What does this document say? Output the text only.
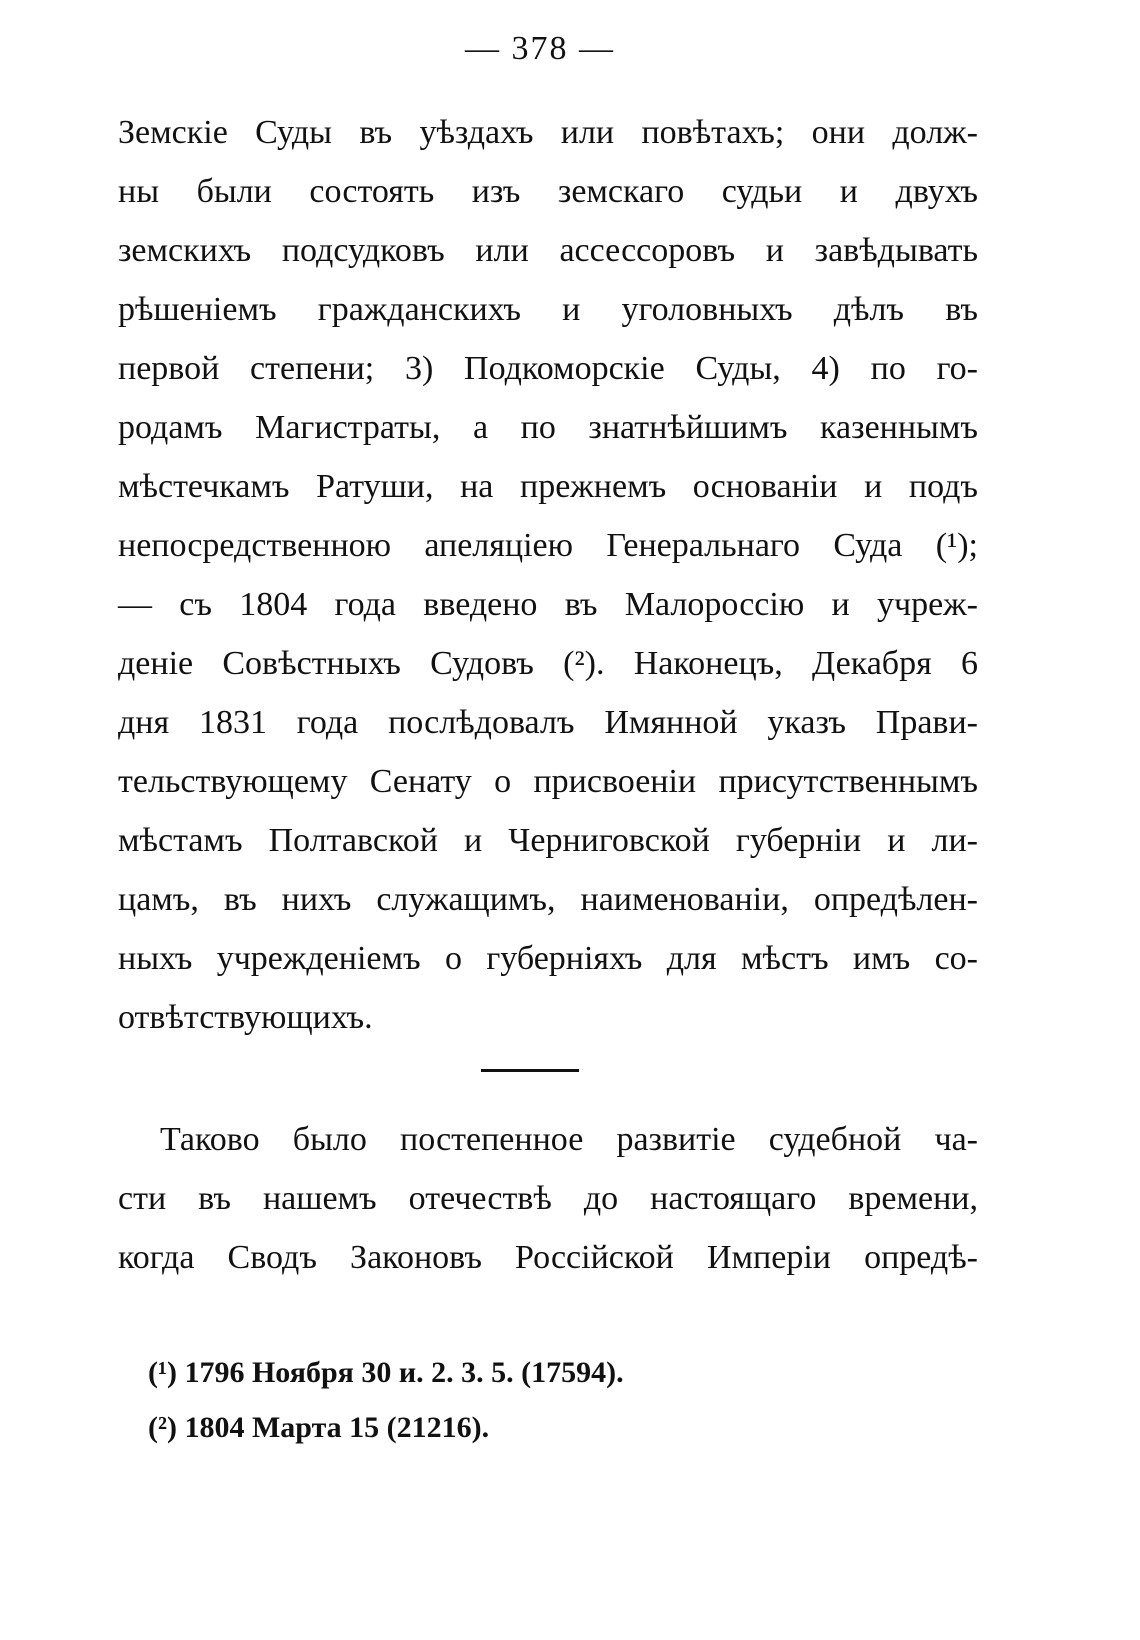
— 378 —
Земскіе Суды въ уѣздахъ или повѣтахъ; они долж-
ны были состоять изъ земскаго судьи и двухъ
земскихъ подсудковъ или ассессоровъ и завѣдывать
рѣшеніемъ гражданскихъ и уголовныхъ дѣлъ въ
первой степени; 3) Подкоморскіе Суды, 4) по го-
родамъ Магистраты, а по знатнѣйшимъ казеннымъ
мѣстечкамъ Ратуши, на прежнемъ основаніи и подъ
непосредственною апеляціею Генеральнаго Суда (¹);
— съ 1804 года введено въ Малороссію и учреж-
деніе Совѣстныхъ Судовъ (²). Наконецъ, Декабря 6
дня 1831 года послѣдовалъ Имянной указъ Прави-
тельствующему Сенату о присвоеніи присутственнымъ
мѣстамъ Полтавской и Черниговской губерніи и ли-
цамъ, въ нихъ служащимъ, наименованіи, опредѣлен-
ныхъ учрежденіемъ о губерніяхъ для мѣстъ имъ со-
отвѣтствующихъ.
Таково было постепенное развитіе судебной ча-
сти въ нашемъ отечествѣ до настоящаго времени,
когда Сводъ Законовъ Россійской Имперіи опредѣ-
(¹) 1796 Ноября 30 и. 2. 3. 5. (17594).
(²) 1804 Марта 15 (21216).
